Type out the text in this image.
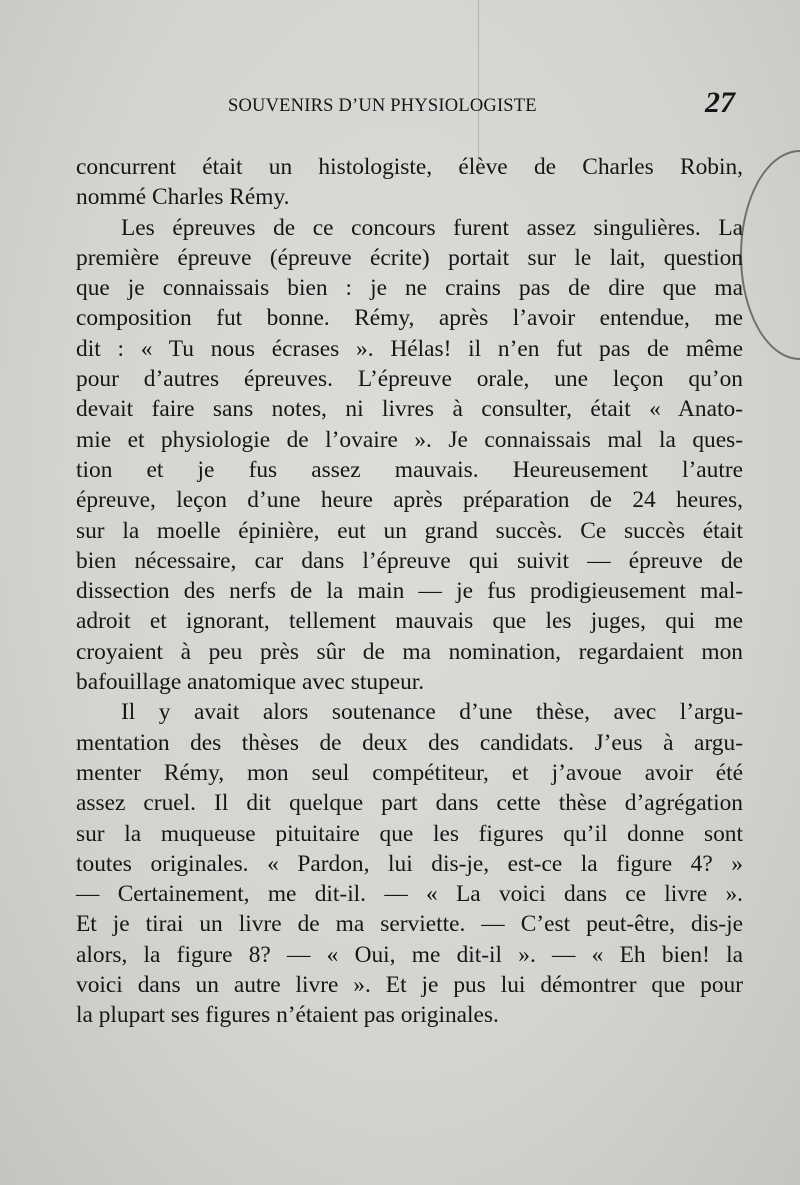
SOUVENIRS D’UN PHYSIOLOGISTE	27
concurrent était un histologiste, élève de Charles Robin,
nommé Charles Rémy.
Les épreuves de ce concours furent assez singulières. La
première épreuve (épreuve écrite) portait sur le lait, question
que je connaissais bien : je ne crains pas de dire que ma
composition fut bonne. Rémy, après l’avoir entendue, me
dit : « Tu nous écrases ». Hélas! il n’en fut pas de même
pour d’autres épreuves. L’épreuve orale, une leçon qu’on
devait faire sans notes, ni livres à consulter, était « Anato-
mie et physiologie de l’ovaire ». Je connaissais mal la ques-
tion et je fus assez mauvais. Heureusement l’autre
épreuve, leçon d’une heure après préparation de 24 heures,
sur la moelle épinière, eut un grand succès. Ce succès était
bien nécessaire, car dans l’épreuve qui suivit — épreuve de
dissection des nerfs de la main — je fus prodigieusement mal-
adroit et ignorant, tellement mauvais que les juges, qui me
croyaient à peu près sûr de ma nomination, regardaient mon
bafouillage anatomique avec stupeur.
Il y avait alors soutenance d’une thèse, avec l’argu-
mentation des thèses de deux des candidats. J’eus à argu-
menter Rémy, mon seul compétiteur, et j’avoue avoir été
assez cruel. Il dit quelque part dans cette thèse d’agrégation
sur la muqueuse pituitaire que les figures qu’il donne sont
toutes originales. « Pardon, lui dis-je, est-ce la figure 4? »
— Certainement, me dit-il. — « La voici dans ce livre ».
Et je tirai un livre de ma serviette. — C’est peut-être, dis-je
alors, la figure 8? — « Oui, me dit-il ». — « Eh bien! la
voici dans un autre livre ». Et je pus lui démontrer que pour
la plupart ses figures n’étaient pas originales.
